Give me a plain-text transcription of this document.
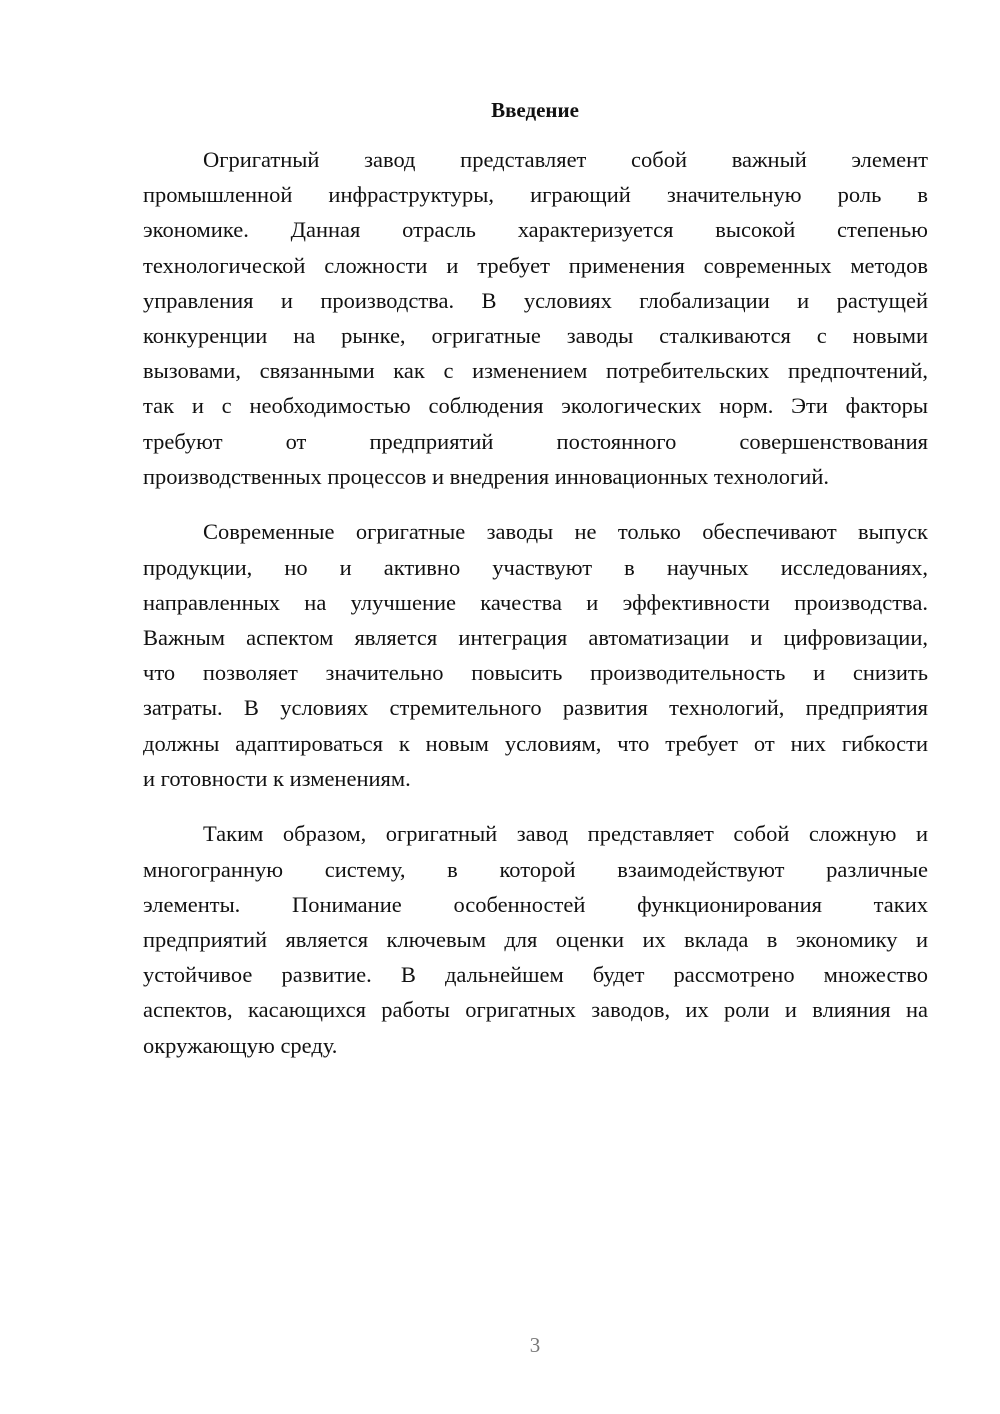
Введение
Огригатный завод представляет собой важный элемент
промышленной инфраструктуры, играющий значительную роль в
экономике. Данная отрасль характеризуется высокой степенью
технологической сложности и требует применения современных методов
управления и производства. В условиях глобализации и растущей
конкуренции на рынке, огригатные заводы сталкиваются с новыми
вызовами, связанными как с изменением потребительских предпочтений,
так и с необходимостью соблюдения экологических норм. Эти факторы
требуют от предприятий постоянного совершенствования
производственных процессов и внедрения инновационных технологий.
Современные огригатные заводы не только обеспечивают выпуск
продукции, но и активно участвуют в научных исследованиях,
направленных на улучшение качества и эффективности производства.
Важным аспектом является интеграция автоматизации и цифровизации,
что позволяет значительно повысить производительность и снизить
затраты. В условиях стремительного развития технологий, предприятия
должны адаптироваться к новым условиям, что требует от них гибкости
и готовности к изменениям.
Таким образом, огригатный завод представляет собой сложную и
многогранную систему, в которой взаимодействуют различные
элементы. Понимание особенностей функционирования таких
предприятий является ключевым для оценки их вклада в экономику и
устойчивое развитие. В дальнейшем будет рассмотрено множество
аспектов, касающихся работы огригатных заводов, их роли и влияния на
окружающую среду.
3
